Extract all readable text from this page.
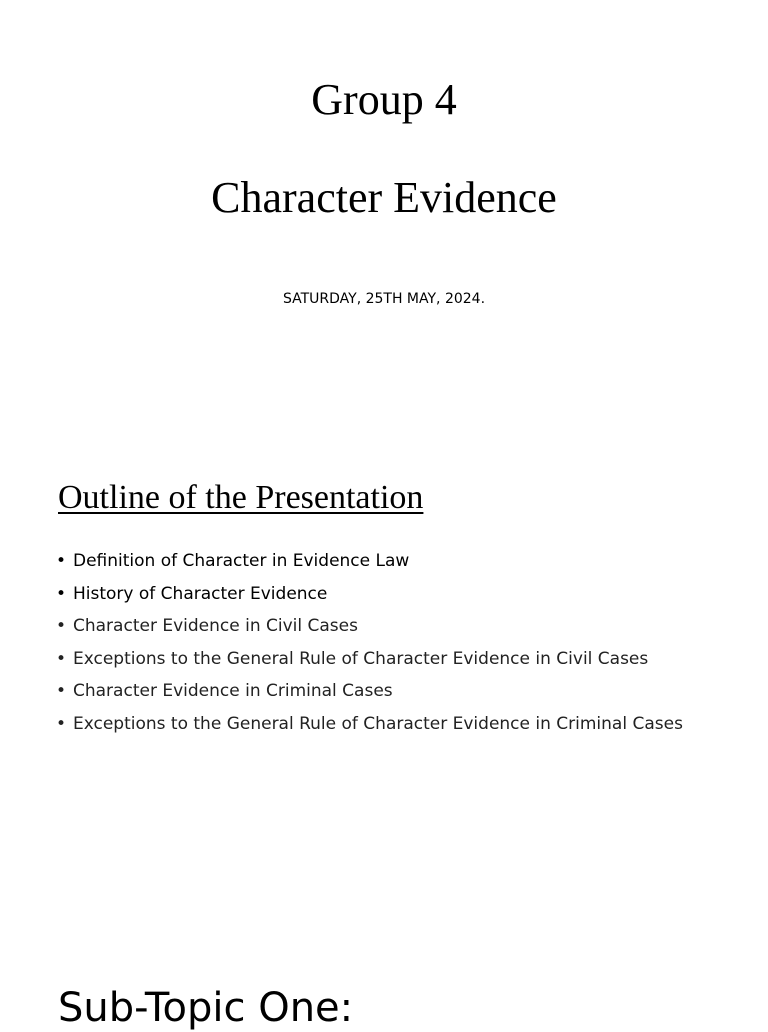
Group 4
Character Evidence
SATURDAY, 25TH MAY, 2024.
Outline of the Presentation
• Definition of Character in Evidence Law
• History of Character Evidence
• Character Evidence in Civil Cases
• Exceptions to the General Rule of Character Evidence in Civil Cases
• Character Evidence in Criminal Cases
• Exceptions to the General Rule of Character Evidence in Criminal Cases
Sub-Topic One:
